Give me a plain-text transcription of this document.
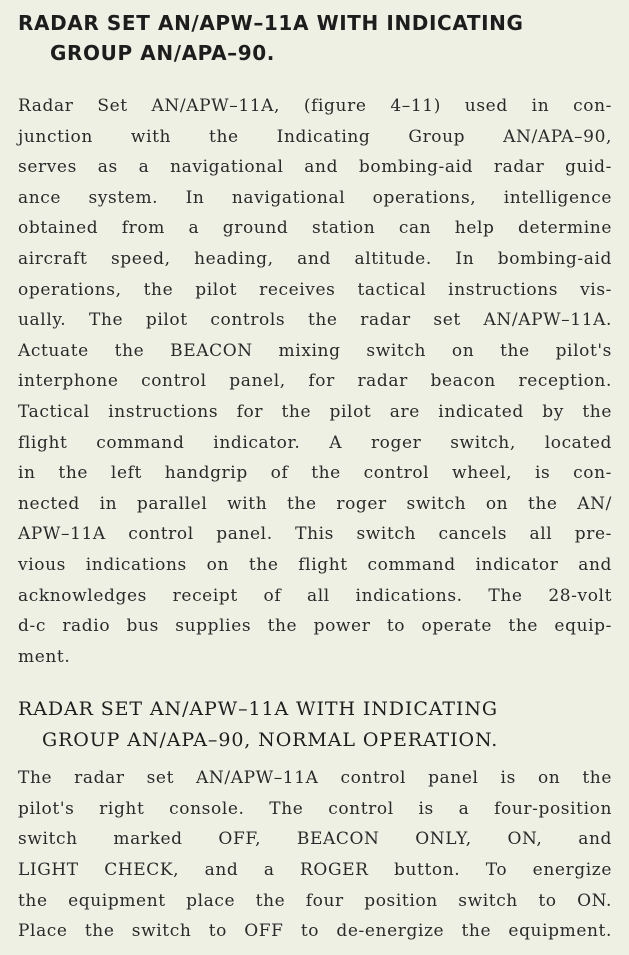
RADAR SET AN/APW–11A WITH INDICATING
GROUP AN/APA–90.

Radar Set AN/APW–11A, (figure 4–11) used in con-
junction with the Indicating Group AN/APA–90,
serves as a navigational and bombing-aid radar guid-
ance system. In navigational operations, intelligence
obtained from a ground station can help determine
aircraft speed, heading, and altitude. In bombing-aid
operations, the pilot receives tactical instructions vis-
ually. The pilot controls the radar set AN/APW–11A.
Actuate the BEACON mixing switch on the pilot's
interphone control panel, for radar beacon reception.
Tactical instructions for the pilot are indicated by the
flight command indicator. A roger switch, located
in the left handgrip of the control wheel, is con-
nected in parallel with the roger switch on the AN/
APW–11A control panel. This switch cancels all pre-
vious indications on the flight command indicator and
acknowledges receipt of all indications. The 28-volt
d-c radio bus supplies the power to operate the equip-
ment.

RADAR SET AN/APW–11A WITH INDICATING
GROUP AN/APA–90, NORMAL OPERATION.

The radar set AN/APW–11A control panel is on the
pilot's right console. The control is a four-position
switch marked OFF, BEACON ONLY, ON, and
LIGHT CHECK, and a ROGER button. To energize
the equipment place the four position switch to ON.
Place the switch to OFF to de-energize the equipment.
